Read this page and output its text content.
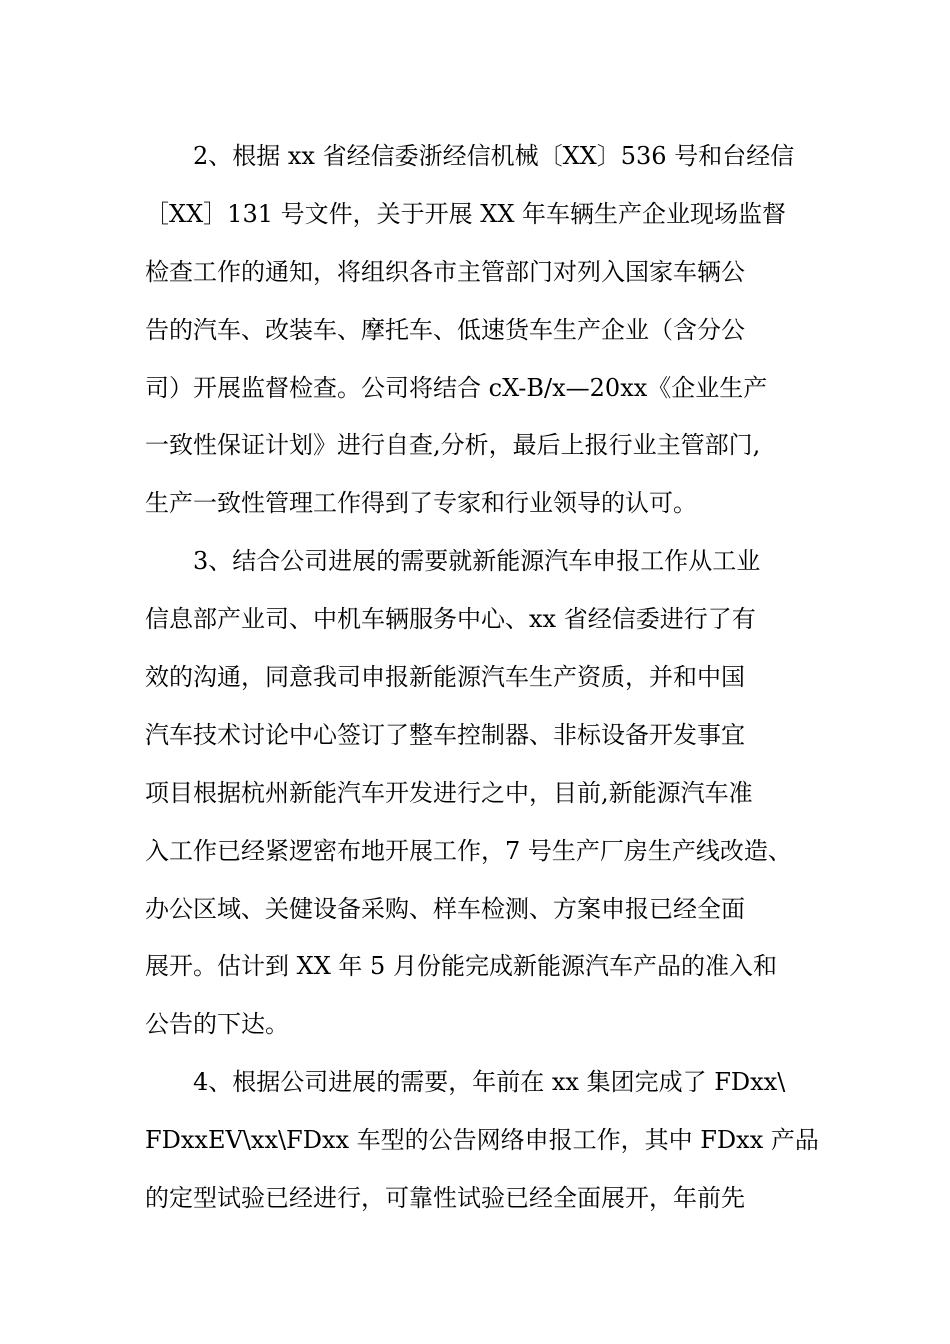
2、根据 xx 省经信委浙经信机械〔XX〕536 号和台经信
［XX］131 号文件，关于开展 XX 年车辆生产企业现场监督
检查工作的通知，将组织各市主管部门对列入国家车辆公
告的汽车、改装车、摩托车、低速货车生产企业（含分公
司）开展监督检查。公司将结合 cX-B/x—20xx《企业生产
一致性保证计划》进行自查,分析，最后上报行业主管部门,
生产一致性管理工作得到了专家和行业领导的认可。
3、结合公司进展的需要就新能源汽车申报工作从工业
信息部产业司、中机车辆服务中心、xx 省经信委进行了有
效的沟通，同意我司申报新能源汽车生产资质，并和中国
汽车技术讨论中心签订了整车控制器、非标设备开发事宜
项目根据杭州新能汽车开发进行之中，目前,新能源汽车准
入工作已经紧逻密布地开展工作，7 号生产厂房生产线改造、
办公区域、关健设备采购、样车检测、方案申报已经全面
展开。估计到 XX 年 5 月份能完成新能源汽车产品的准入和
公告的下达。
4、根据公司进展的需要，年前在 xx 集团完成了 FDxx\
FDxxEV\xx\FDxx 车型的公告网络申报工作，其中 FDxx 产品
的定型试验已经进行，可靠性试验已经全面展开，年前先
